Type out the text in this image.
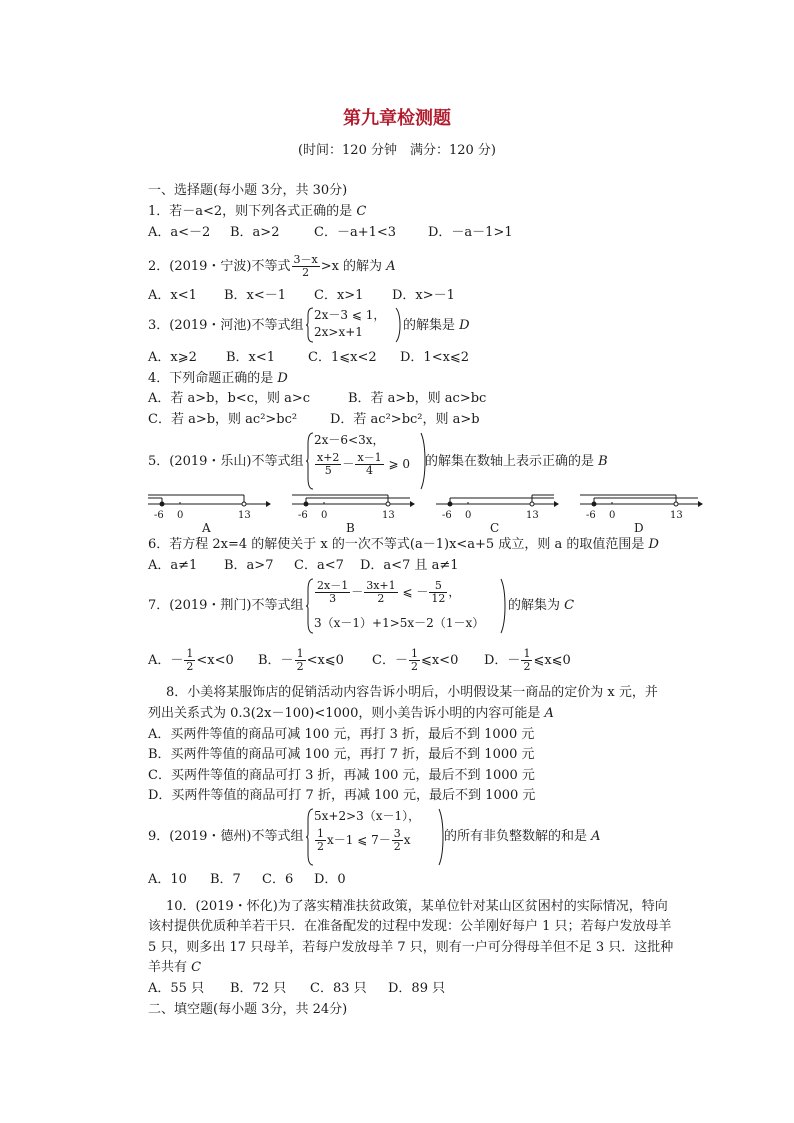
第九章检测题
(时间：120 分钟　满分：120 分)
一、选择题(每小题 3分，共 30分)
1．若－a<2，则下列各式正确的是 C
A．a<－2 B．a>2	C．－a+1<3 D．－a－1>1
2．(2019・宁波)不等式 $\frac{3-x}{2} >x$ 的解为 A
A．x<1 B．x<－1 C．x>1 D．x>－1
3．(2019・河池)不等式组
2x－3 ⩽ 1，
2x>x+1	的解集是 D
A．x⩾2 B．x<1	C．1⩽x<2 D．1<x⩽2
4．下列命题正确的是 D
A．若 a>b，b<c，则 a>c	B．若 a>b，则 ac>bc
C．若 a>b，则 ac²>bc²	D．若 ac²>bc²，则 a>b
5．(2019・乐山)不等式组
2x－6<3x，
$\frac{x+2}{5} - \frac{x-1}{4}$ ⩾ 0 的解集在数轴上表示正确的是 B
-6 0	13
A
-6 0	13
B
-6 0	13
C
-6 0	13
D
6．若方程 2x=4 的解使关于 x 的一次不等式(a－1)x<a+5 成立，则 a 的取值范围是 D
A．a≠1 B．a>7 C．a<7 D．a<7 且 a≠1
7．(2019・荆门)不等式组
$\frac{2x-1}{3} - \frac{3x+1}{2}$ ⩽ － $\frac{5}{12}$ ，
3（x－1）+1>5x－2（1－x）
的解集为 C
A．－ $\frac{1}{2} <x<0$ B．－ $\frac{1}{2}$ <x⩽0 C．－ $\frac{1}{2}$ ⩽x<0 D．－ $\frac{1}{2}$ ⩽x⩽0
8．小美将某服饰店的促销活动内容告诉小明后，小明假设某一商品的定价为 x 元，并
列出关系式为 0.3(2x－100)<1000，则小美告诉小明的内容可能是 A
A．买两件等值的商品可减 100 元，再打 3 折，最后不到 1000 元
B．买两件等值的商品可减 100 元，再打 7 折，最后不到 1000 元
C．买两件等值的商品可打 3 折，再减 100 元，最后不到 1000 元
D．买两件等值的商品可打 7 折，再减 100 元，最后不到 1000 元
9．(2019・德州)不等式组
5x+2>3（x－1），
$\frac{1}{2} x-1$ ⩽ $7- \frac{3}{2}$ x	的所有非负整数解的和是 A
A．10 B．7 C．6 D．0
10．(2019・怀化)为了落实精准扶贫政策，某单位针对某山区贫困村的实际情况，特向
该村提供优质种羊若干只．在准备配发的过程中发现：公羊刚好每户 1 只；若每户发放母羊
5 只，则多出 17 只母羊，若每户发放母羊 7 只，则有一户可分得母羊但不足 3 只．这批种
羊共有 C
A．55 只 B．72 只 C．83 只 D．89 只
二、填空题(每小题 3分，共 24分)
